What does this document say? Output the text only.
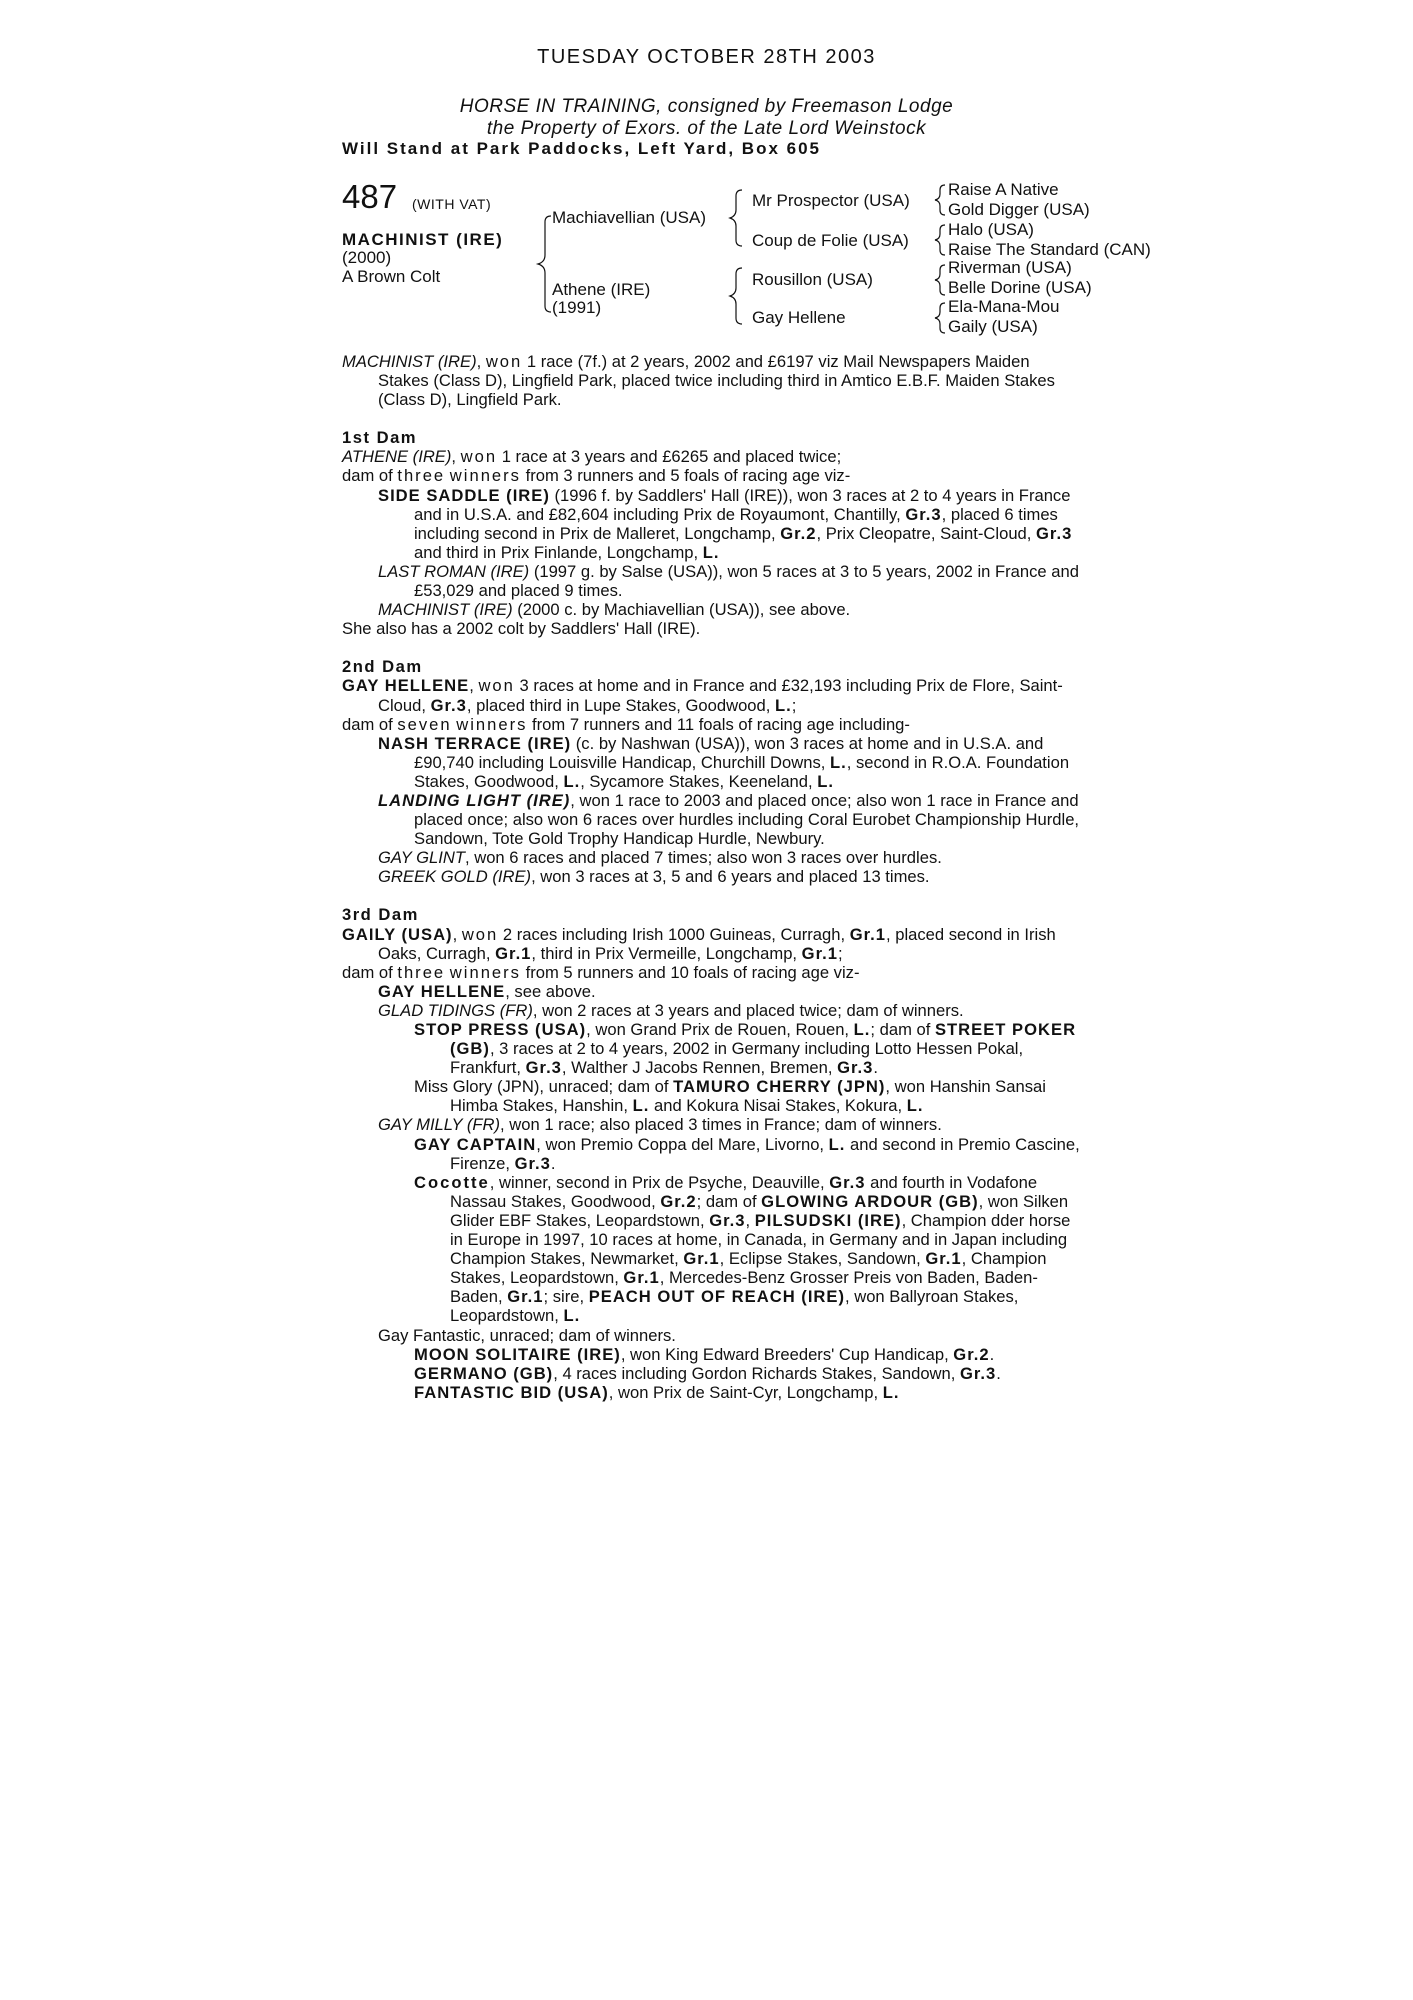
TUESDAY OCTOBER 28TH 2003
HORSE IN TRAINING, consigned by Freemason Lodge
the Property of Exors. of the Late Lord Weinstock
Will Stand at Park Paddocks, Left Yard, Box 605
487 (WITH VAT)
MACHINIST (IRE)
(2000)
A Brown Colt
Machiavellian (USA)
Athene (IRE)
(1991)
Mr Prospector (USA)
Coup de Folie (USA)
Rousillon (USA)
Gay Hellene
Raise A Native
Gold Digger (USA)
Halo (USA)
Raise The Standard (CAN)
Riverman (USA)
Belle Dorine (USA)
Ela-Mana-Mou
Gaily (USA)

MACHINIST (IRE), won 1 race (7f.) at 2 years, 2002 and £6197 viz Mail Newspapers Maiden Stakes (Class D), Lingfield Park, placed twice including third in Amtico E.B.F. Maiden Stakes (Class D), Lingfield Park.

1st Dam

ATHENE (IRE), won 1 race at 3 years and £6265 and placed twice;

dam of three winners from 3 runners and 5 foals of racing age viz-

SIDE SADDLE (IRE) (1996 f. by Saddlers' Hall (IRE)), won 3 races at 2 to 4 years in France and in U.S.A. and £82,604 including Prix de Royaumont, Chantilly, Gr.3, placed 6 times including second in Prix de Malleret, Longchamp, Gr.2, Prix Cleopatre, Saint-Cloud, Gr.3 and third in Prix Finlande, Longchamp, L.

LAST ROMAN (IRE) (1997 g. by Salse (USA)), won 5 races at 3 to 5 years, 2002 in France and £53,029 and placed 9 times.

MACHINIST (IRE) (2000 c. by Machiavellian (USA)), see above.

She also has a 2002 colt by Saddlers' Hall (IRE).

2nd Dam

GAY HELLENE, won 3 races at home and in France and £32,193 including Prix de Flore, Saint-Cloud, Gr.3, placed third in Lupe Stakes, Goodwood, L.;

dam of seven winners from 7 runners and 11 foals of racing age including-

NASH TERRACE (IRE) (c. by Nashwan (USA)), won 3 races at home and in U.S.A. and £90,740 including Louisville Handicap, Churchill Downs, L., second in R.O.A. Foundation Stakes, Goodwood, L., Sycamore Stakes, Keeneland, L.

LANDING LIGHT (IRE), won 1 race to 2003 and placed once; also won 1 race in France and placed once; also won 6 races over hurdles including Coral Eurobet Championship Hurdle, Sandown, Tote Gold Trophy Handicap Hurdle, Newbury.

GAY GLINT, won 6 races and placed 7 times; also won 3 races over hurdles.

GREEK GOLD (IRE), won 3 races at 3, 5 and 6 years and placed 13 times.

3rd Dam

GAILY (USA), won 2 races including Irish 1000 Guineas, Curragh, Gr.1, placed second in Irish Oaks, Curragh, Gr.1, third in Prix Vermeille, Longchamp, Gr.1;

dam of three winners from 5 runners and 10 foals of racing age viz-

GAY HELLENE, see above.

GLAD TIDINGS (FR), won 2 races at 3 years and placed twice; dam of winners.

STOP PRESS (USA), won Grand Prix de Rouen, Rouen, L.; dam of STREET POKER (GB), 3 races at 2 to 4 years, 2002 in Germany including Lotto Hessen Pokal, Frankfurt, Gr.3, Walther J Jacobs Rennen, Bremen, Gr.3.

Miss Glory (JPN), unraced; dam of TAMURO CHERRY (JPN), won Hanshin Sansai Himba Stakes, Hanshin, L. and Kokura Nisai Stakes, Kokura, L.

GAY MILLY (FR), won 1 race; also placed 3 times in France; dam of winners.

GAY CAPTAIN, won Premio Coppa del Mare, Livorno, L. and second in Premio Cascine, Firenze, Gr.3.

Cocotte, winner, second in Prix de Psyche, Deauville, Gr.3 and fourth in Vodafone Nassau Stakes, Goodwood, Gr.2; dam of GLOWING ARDOUR (GB), won Silken Glider EBF Stakes, Leopardstown, Gr.3, PILSUDSKI (IRE), Champion dder horse in Europe in 1997, 10 races at home, in Canada, in Germany and in Japan including Champion Stakes, Newmarket, Gr.1, Eclipse Stakes, Sandown, Gr.1, Champion Stakes, Leopardstown, Gr.1, Mercedes-Benz Grosser Preis von Baden, Baden-Baden, Gr.1; sire, PEACH OUT OF REACH (IRE), won Ballyroan Stakes, Leopardstown, L.

Gay Fantastic, unraced; dam of winners.

MOON SOLITAIRE (IRE), won King Edward Breeders' Cup Handicap, Gr.2.

GERMANO (GB), 4 races including Gordon Richards Stakes, Sandown, Gr.3.

FANTASTIC BID (USA), won Prix de Saint-Cyr, Longchamp, L.
